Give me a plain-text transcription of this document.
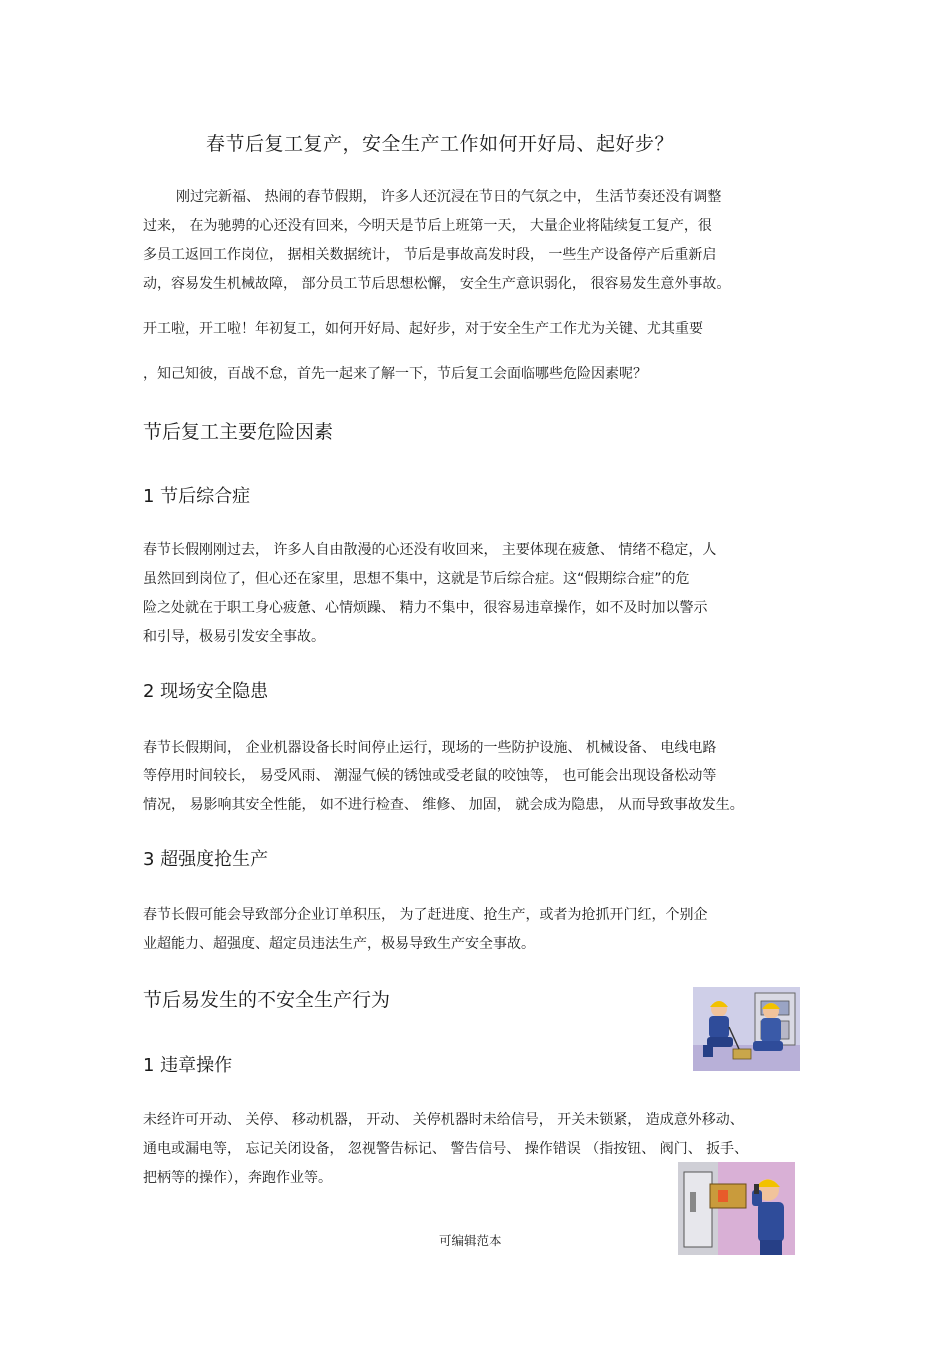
春节后复工复产，安全生产工作如何开好局、起好步？

刚过完新福、 热闹的春节假期， 许多人还沉浸在节日的气氛之中， 生活节奏还没有调整

过来， 在为驰骋的心还没有回来，今明天是节后上班第一天， 大量企业将陆续复工复产，很

多员工返回工作岗位， 据相关数据统计， 节后是事故高发时段， 一些生产设备停产后重新启

动，容易发生机械故障， 部分员工节后思想松懈， 安全生产意识弱化， 很容易发生意外事故。

开工啦，开工啦！年初复工，如何开好局、起好步，对于安全生产工作尤为关键、尤其重要

，知己知彼，百战不怠，首先一起来了解一下，节后复工会面临哪些危险因素呢？

节后复工主要危险因素

1 节后综合症

春节长假刚刚过去， 许多人自由散漫的心还没有收回来， 主要体现在疲惫、 情绪不稳定，人

虽然回到岗位了，但心还在家里，思想不集中，这就是节后综合症。这“假期综合症”的危

险之处就在于职工身心疲惫、心情烦躁、 精力不集中，很容易违章操作，如不及时加以警示

和引导，极易引发安全事故。

2 现场安全隐患

春节长假期间， 企业机器设备长时间停止运行，现场的一些防护设施、 机械设备、 电线电路

等停用时间较长， 易受风雨、 潮湿气候的锈蚀或受老鼠的咬蚀等， 也可能会出现设备松动等

情况， 易影响其安全性能， 如不进行检查、 维修、 加固， 就会成为隐患， 从而导致事故发生。

3 超强度抢生产

春节长假可能会导致部分企业订单积压， 为了赶进度、抢生产，或者为抢抓开门红，个别企

业超能力、超强度、超定员违法生产，极易导致生产安全事故。

节后易发生的不安全生产行为

1 违章操作

未经许可开动、 关停、 移动机器， 开动、 关停机器时未给信号， 开关未锁紧， 造成意外移动、

通电或漏电等， 忘记关闭设备， 忽视警告标记、 警告信号、 操作错误 （指按钮、 阀门、 扳手、

把柄等的操作），奔跑作业等。

可编辑范本
